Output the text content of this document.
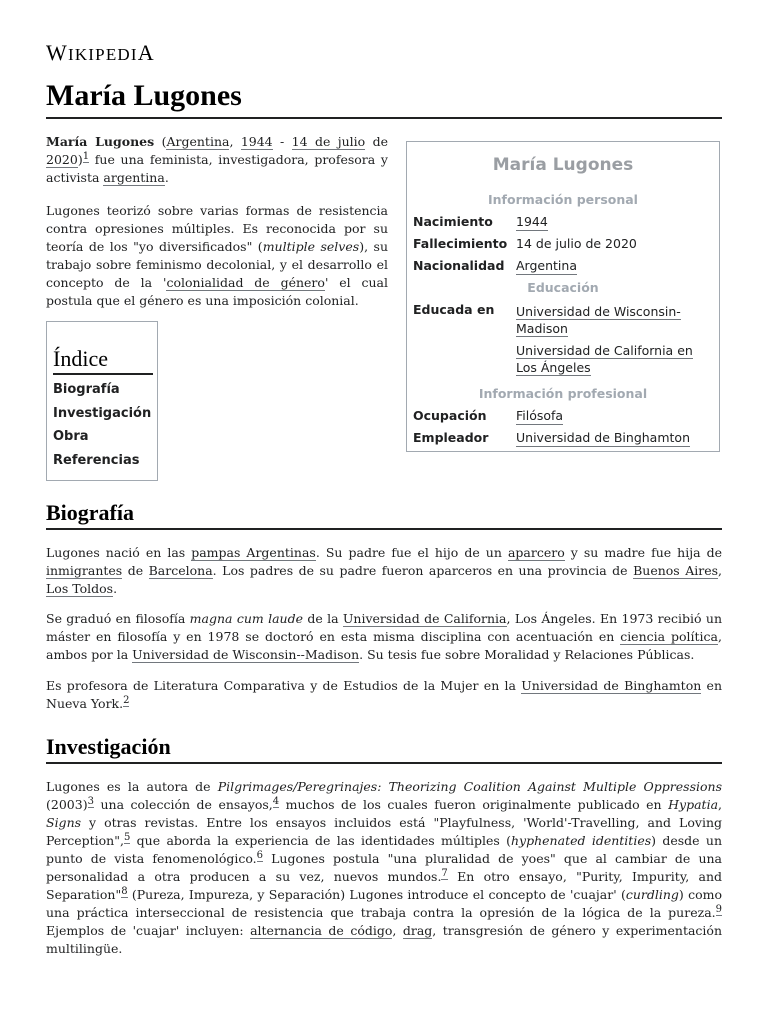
WIKIPEDIA
María Lugones

María Lugones (Argentina, 1944 - 14 de julio de 2020)$^1$ fue una feminista, investigadora, profesora y activista argentina.

Lugones teorizó sobre varias formas de resistencia contra opresiones múltiples. Es reconocida por su teoría de los "yo diversificados" (multiple selves), su trabajo sobre feminismo decolonial, y el desarrollo el concepto de la 'colonialidad de género' el cual postula que el género es una imposición colonial.

María Lugones
Información personal
Nacimiento 1944
Fallecimiento 14 de julio de 2020
Nacionalidad Argentina
Educación
Educada en Universidad de Wisconsin-Madison
Universidad de California en Los Ángeles
Información profesional
Ocupación Filósofa
Empleador Universidad de Binghamton
Índice
Biografía
Investigación
Obra
Referencias
Biografía

Lugones nació en las pampas Argentinas. Su padre fue el hijo de un aparcero y su madre fue hija de inmigrantes de Barcelona. Los padres de su padre fueron aparceros en una provincia de Buenos Aires, Los Toldos.

Se graduó en filosofía magna cum laude de la Universidad de California, Los Ángeles. En 1973 recibió un máster en filosofía y en 1978 se doctoró en esta misma disciplina con acentuación en ciencia política, ambos por la Universidad de Wisconsin--Madison. Su tesis fue sobre Moralidad y Relaciones Públicas.

Es profesora de Literatura Comparativa y de Estudios de la Mujer en la Universidad de Binghamton en Nueva York.$^2$

Investigación

Lugones es la autora de Pilgrimages/Peregrinajes: Theorizing Coalition Against Multiple Oppressions $(2003)^3$ una colección de ensayos,$^4$ muchos de los cuales fueron originalmente publicado en Hypatia, Signs y otras revistas. Entre los ensayos incluidos está "Playfulness, 'World'-Travelling, and Loving Perception",$^5$ que aborda la experiencia de las identidades múltiples (hyphenated identities) desde un punto de vista fenomenológico.$^6$ Lugones postula "una pluralidad de yoes" que al cambiar de una personalidad a otra producen a su vez, nuevos mundos.$^7$ En otro ensayo, "Purity, Impurity, and Separation"$^8$ (Pureza, Impureza, y Separación) Lugones introduce el concepto de 'cuajar' (curdling) como una práctica interseccional de resistencia que trabaja contra la opresión de la lógica de la pureza.$^9$ Ejemplos de 'cuajar' incluyen: alternancia de código, drag, transgresión de género y experimentación multilingüe.
